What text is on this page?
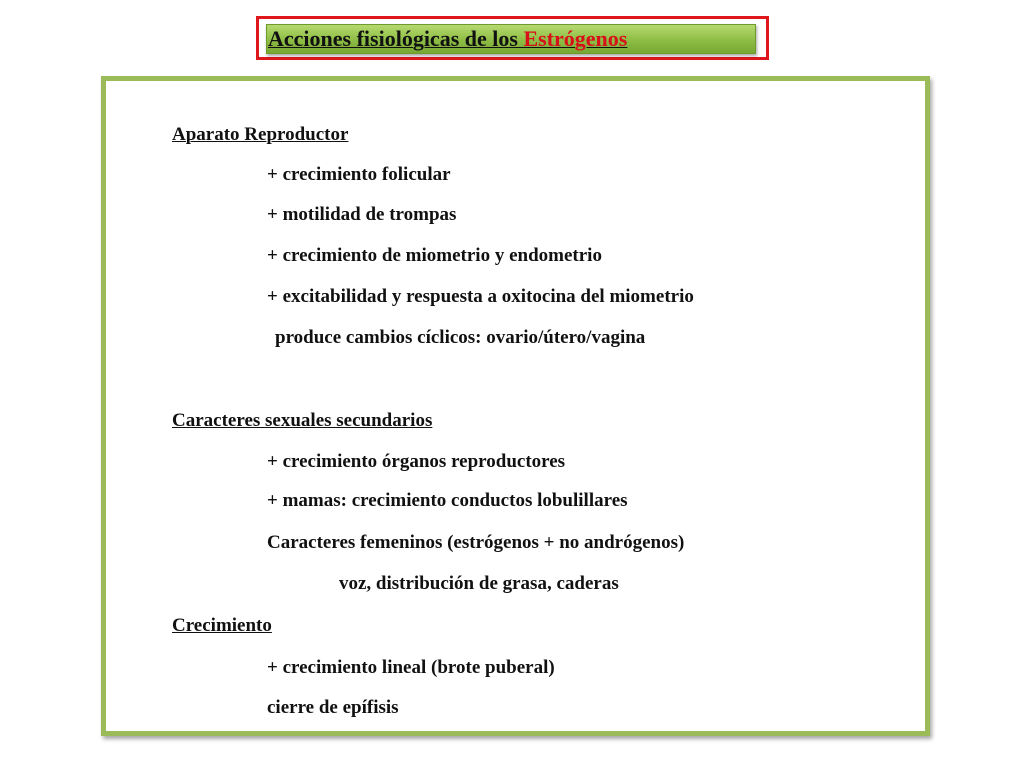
Acciones fisiológicas de los Estrógenos
Aparato Reproductor
+ crecimiento folicular
+ motilidad de trompas
+ crecimiento de miometrio y endometrio
+ excitabilidad y respuesta a oxitocina del miometrio
produce cambios cíclicos: ovario/útero/vagina
Caracteres sexuales secundarios
+ crecimiento órganos reproductores
+ mamas: crecimiento conductos lobulillares
Caracteres femeninos (estrógenos + no andrógenos)
voz, distribución de grasa, caderas
Crecimiento
+ crecimiento lineal (brote puberal)
cierre de epífisis
